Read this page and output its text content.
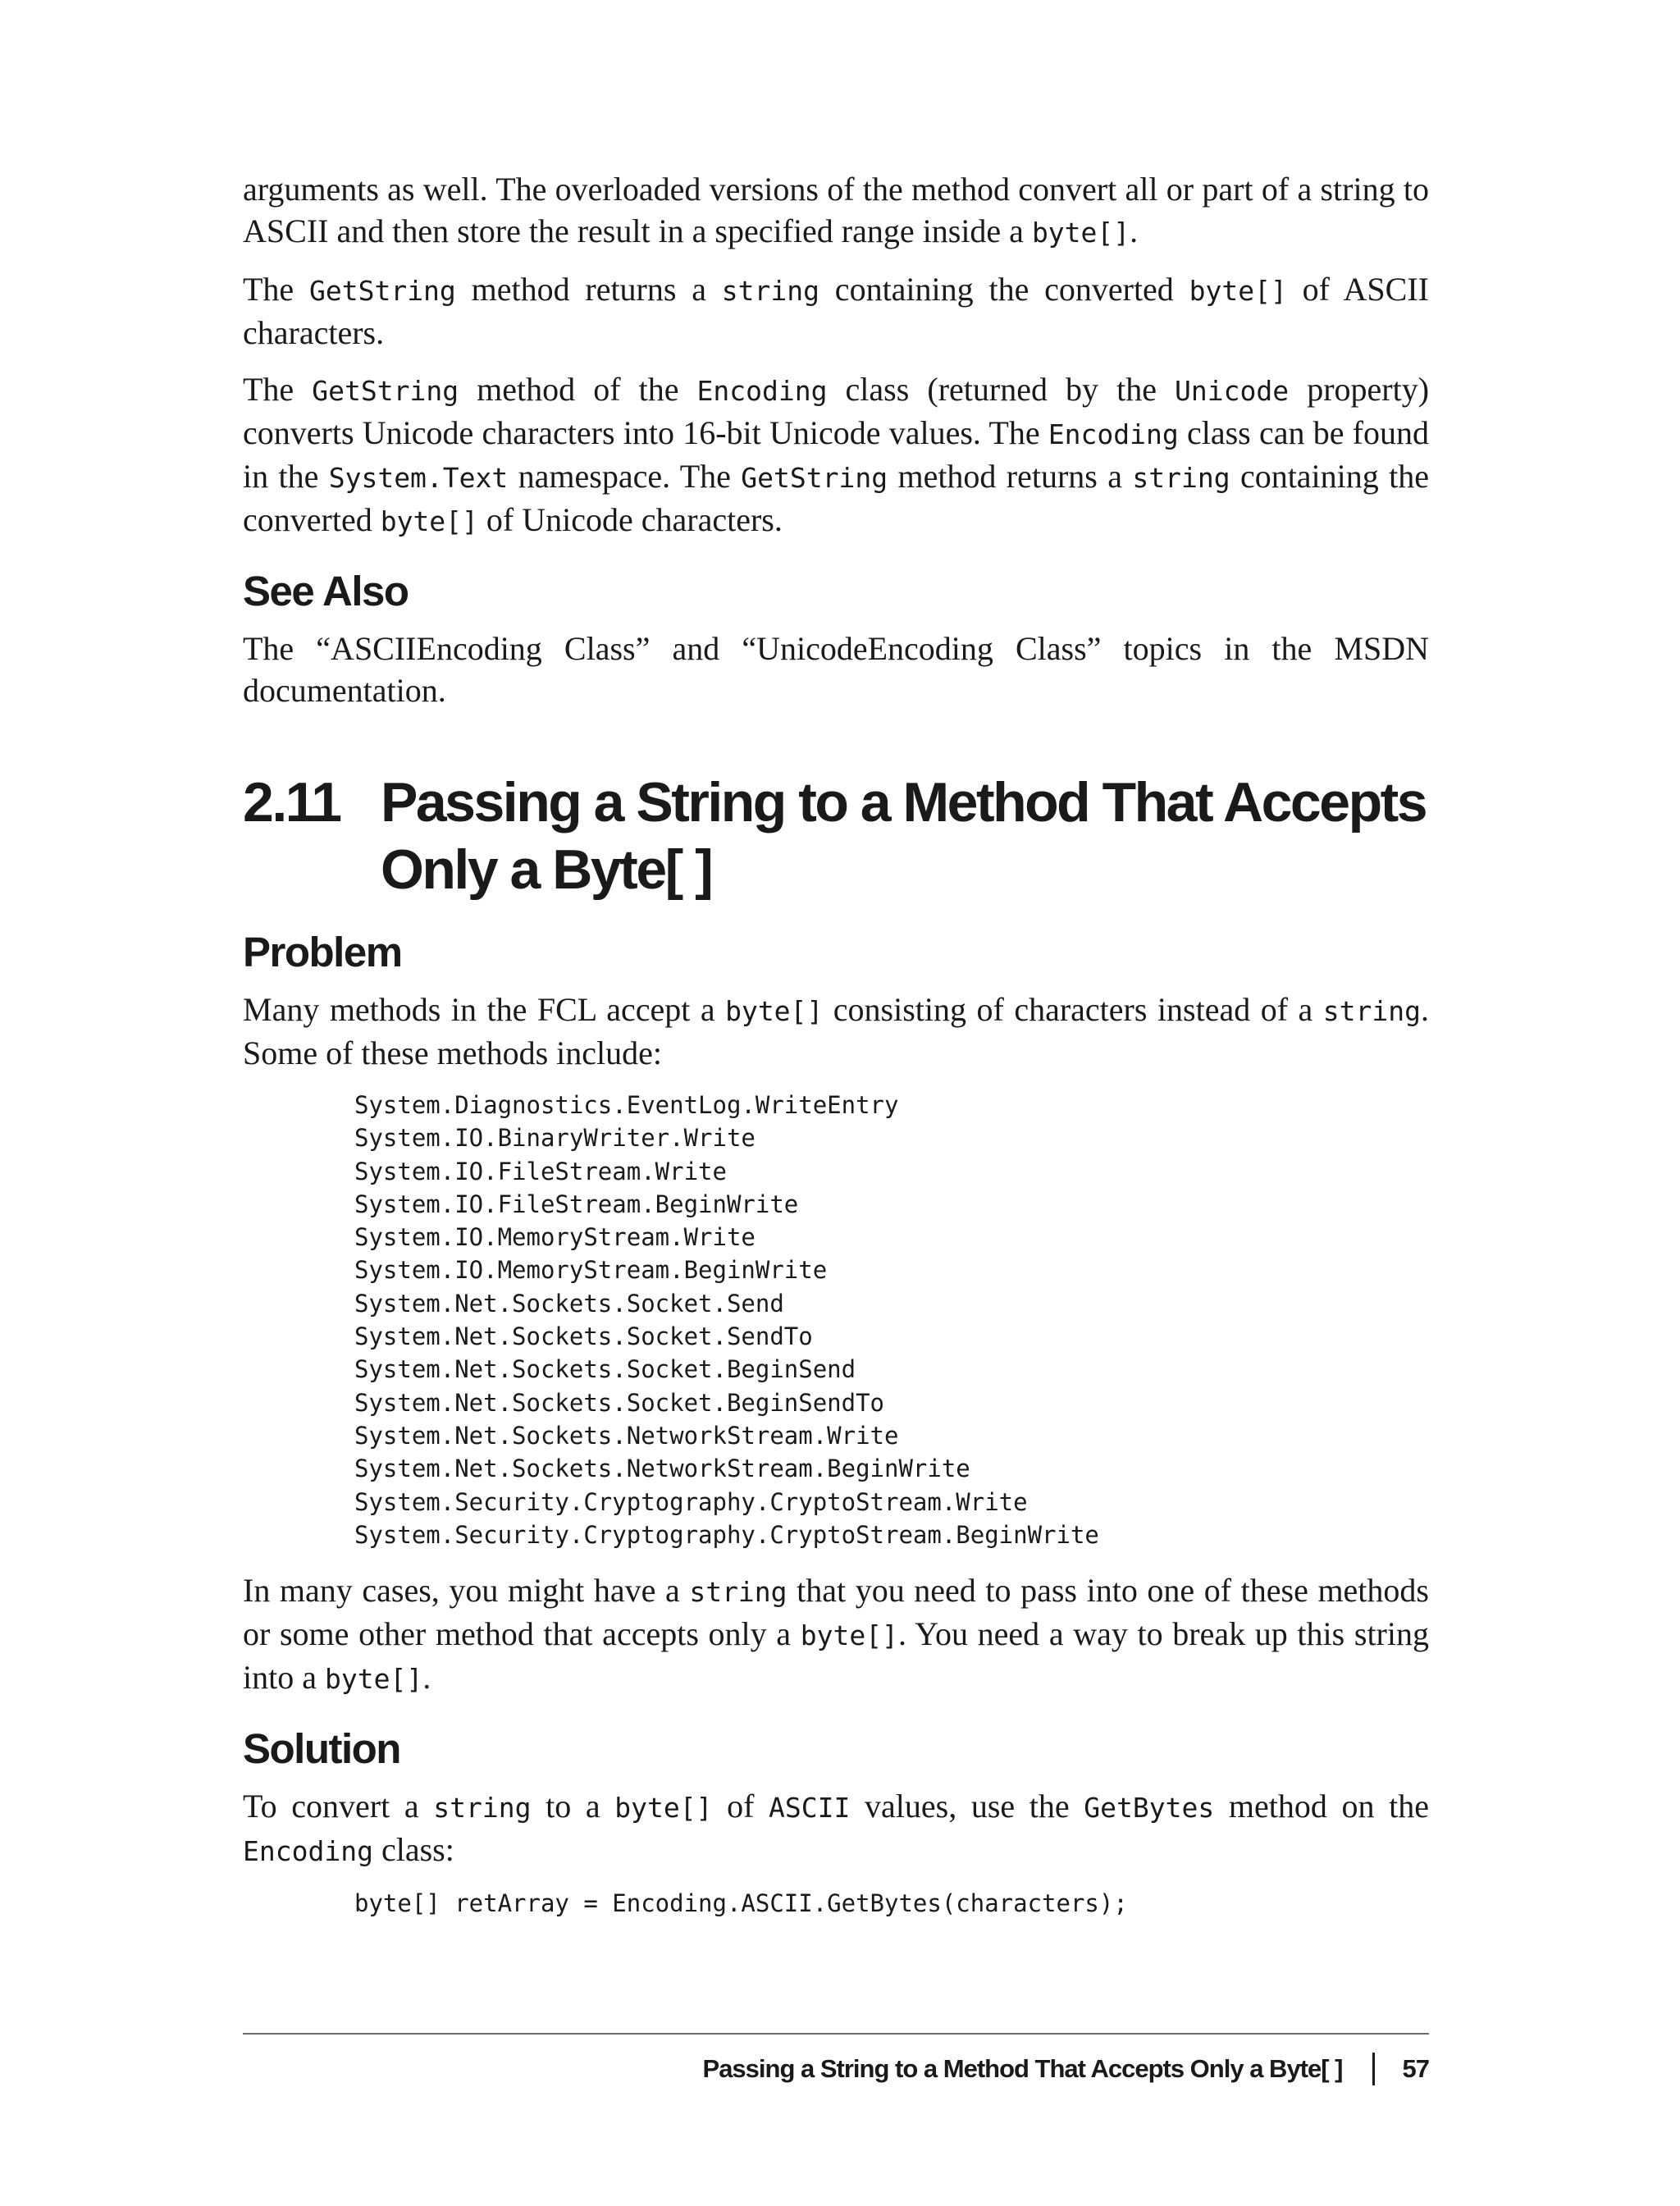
arguments as well. The overloaded versions of the method convert all or part of a string to ASCII and then store the result in a specified range inside a byte[].

The GetString method returns a string containing the converted byte[] of ASCII characters.

The GetString method of the Encoding class (returned by the Unicode property) converts Unicode characters into 16-bit Unicode values. The Encoding class can be found in the System.Text namespace. The GetString method returns a string containing the converted byte[] of Unicode characters.

See Also

The “ASCIIEncoding Class” and “UnicodeEncoding Class” topics in the MSDN documentation.

2.11 Passing a String to a Method That Accepts Only a Byte[ ]
Problem

Many methods in the FCL accept a byte[] consisting of characters instead of a string. Some of these methods include:

System.Diagnostics.EventLog.WriteEntry
System.IO.BinaryWriter.Write
System.IO.FileStream.Write
System.IO.FileStream.BeginWrite
System.IO.MemoryStream.Write
System.IO.MemoryStream.BeginWrite
System.Net.Sockets.Socket.Send
System.Net.Sockets.Socket.SendTo
System.Net.Sockets.Socket.BeginSend
System.Net.Sockets.Socket.BeginSendTo
System.Net.Sockets.NetworkStream.Write
System.Net.Sockets.NetworkStream.BeginWrite
System.Security.Cryptography.CryptoStream.Write
System.Security.Cryptography.CryptoStream.BeginWrite

In many cases, you might have a string that you need to pass into one of these methods or some other method that accepts only a byte[]. You need a way to break up this string into a byte[].

Solution

To convert a string to a byte[] of ASCII values, use the GetBytes method on the Encoding class:

byte[] retArray = Encoding.ASCII.GetBytes(characters);
Passing a String to a Method That Accepts Only a Byte[ ] 57
